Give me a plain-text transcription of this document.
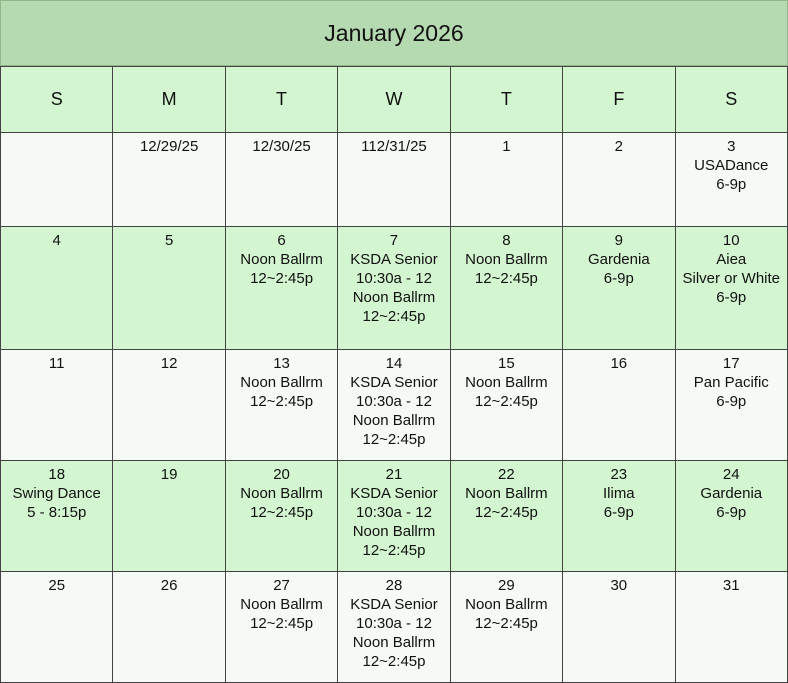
January 2026
S	M	T	W	T	F	S

	12/29/25	12/30/25	112/31/25	1	2	3
USADance
6-9p

4	5	6
Noon Ballrm
12~2:45p	7
KSDA Senior
10:30a - 12
Noon Ballrm
12~2:45p	8
Noon Ballrm
12~2:45p	9
Gardenia
6-9p	10
Aiea
Silver or White
6-9p

11	12	13
Noon Ballrm
12~2:45p	14
KSDA Senior
10:30a - 12
Noon Ballrm
12~2:45p	15
Noon Ballrm
12~2:45p	16	17
Pan Pacific
6-9p

18
Swing Dance
5 - 8:15p	19	20
Noon Ballrm
12~2:45p	21
KSDA Senior
10:30a - 12
Noon Ballrm
12~2:45p	22
Noon Ballrm
12~2:45p	23
Ilima
6-9p	24
Gardenia
6-9p

25	26	27
Noon Ballrm
12~2:45p	28
KSDA Senior
10:30a - 12
Noon Ballrm
12~2:45p	29
Noon Ballrm
12~2:45p	30	31
